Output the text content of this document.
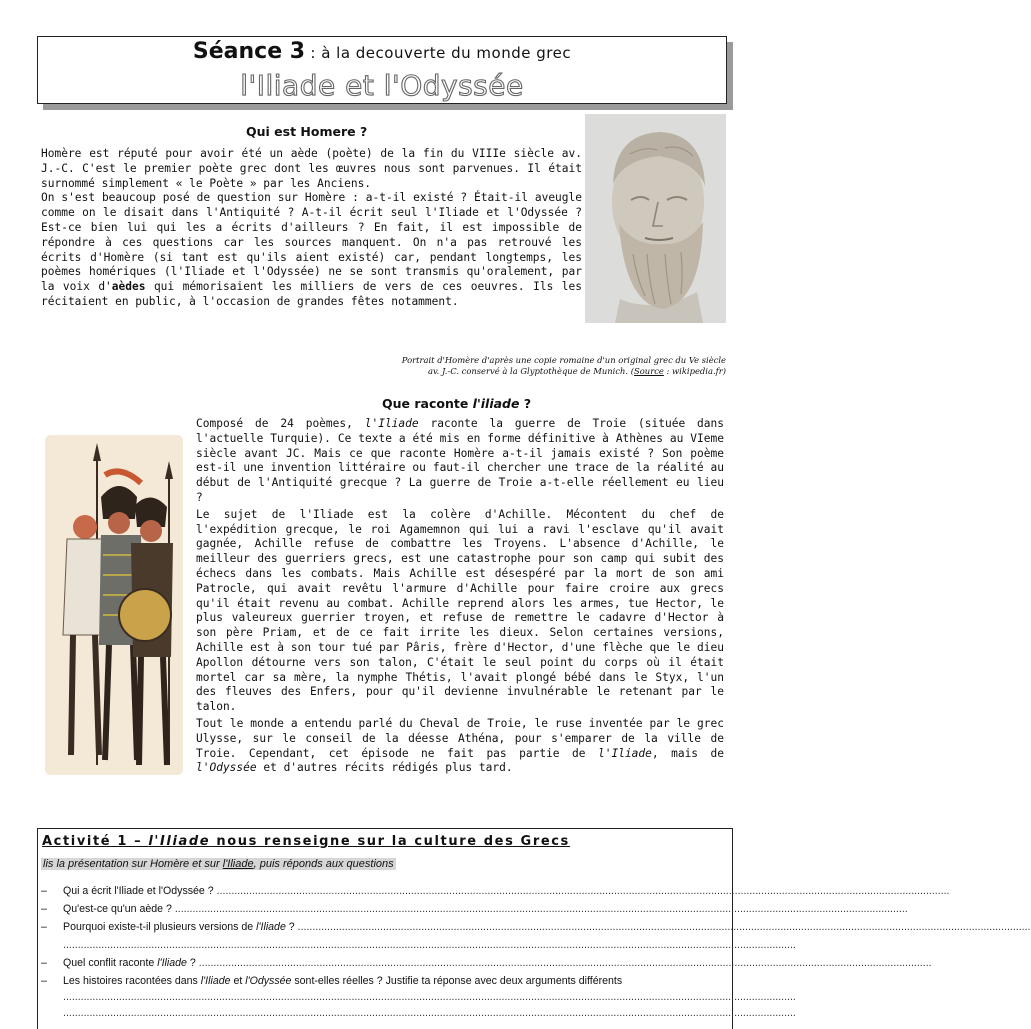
Séance 3 : à la decouverte du monde grec
l'Iliade et l'Odyssée
Qui est Homere ?

Homère est réputé pour avoir été un aède (poète) de la fin du VIIIe siècle av. J.-C. C'est le premier poète grec dont les œuvres nous sont parvenues. Il était surnommé simplement « le Poète » par les Anciens.

On s'est beaucoup posé de question sur Homère : a-t-il existé ? Était-il aveugle comme on le disait dans l'Antiquité ? A-t-il écrit seul l'Iliade et l'Odyssée ? Est-ce bien lui qui les a écrits d'ailleurs ? En fait, il est impossible de répondre à ces questions car les sources manquent. On n'a pas retrouvé les écrits d'Homère (si tant est qu'ils aient existé) car, pendant longtemps, les poèmes homériques (l'Iliade et l'Odyssée) ne se sont transmis qu'oralement, par la voix d'aèdes qui mémorisaient les milliers de vers de ces oeuvres. Ils les récitaient en public, à l'occasion de grandes fêtes notamment.

Portrait d'Homère d'après une copie romaine d'un original grec du Ve siècle
av. J.-C. conservé à la Glyptothèque de Munich. (Source : wikipedia.fr)
Que raconte l'iliade ?

Composé de 24 poèmes, l'Iliade raconte la guerre de Troie (située dans l'actuelle Turquie). Ce texte a été mis en forme définitive à Athènes au VIeme siècle avant JC. Mais ce que raconte Homère a-t-il jamais existé ? Son poème est-il une invention littéraire ou faut-il chercher une trace de la réalité au début de l'Antiquité grecque ? La guerre de Troie a-t-elle réellement eu lieu ?

Le sujet de l'Iliade est la colère d'Achille. Mécontent du chef de l'expédition grecque, le roi Agamemnon qui lui a ravi l'esclave qu'il avait gagnée, Achille refuse de combattre les Troyens. L'absence d'Achille, le meilleur des guerriers grecs, est une catastrophe pour son camp qui subit des échecs dans les combats. Mais Achille est désespéré par la mort de son ami Patrocle, qui avait revêtu l'armure d'Achille pour faire croire aux grecs qu'il était revenu au combat. Achille reprend alors les armes, tue Hector, le plus valeureux guerrier troyen, et refuse de remettre le cadavre d'Hector à son père Priam, et de ce fait irrite les dieux. Selon certaines versions, Achille est à son tour tué par Pâris, frère d'Hector, d'une flèche que le dieu Apollon détourne vers son talon, C'était le seul point du corps où il était mortel car sa mère, la nymphe Thétis, l'avait plongé bébé dans le Styx, l'un des fleuves des Enfers, pour qu'il devienne invulnérable le retenant par le talon.

Tout le monde a entendu parlé du Cheval de Troie, le ruse inventée par le grec Ulysse, sur le conseil de la déesse Athéna, pour s'emparer de la ville de Troie. Cependant, cet épisode ne fait pas partie de l'Iliade, mais de l'Odyssée et d'autres récits rédigés plus tard.

Activité 1 – l'Iliade nous renseigne sur la culture des Grecs
lis la présentation sur Homère et sur l'Iliade, puis réponds aux questions
– Qui a écrit l'Iliade et l'Odyssée ? .........................................................................................................................................................................................................................................................
– Qu'est-ce qu'un aède ? .........................................................................................................................................................................................................................................................
– Pourquoi existe-t-il plusieurs versions de l'Iliade ? .........................................................................................................................................................................................................................................................
.........................................................................................................................................................................................................................................................
– Quel conflit raconte l'Iliade ? .........................................................................................................................................................................................................................................................
– Les histoires racontées dans l'Iliade et l'Odyssée sont-elles réelles ? Justifie ta réponse avec deux arguments différents
.........................................................................................................................................................................................................................................................
.........................................................................................................................................................................................................................................................
